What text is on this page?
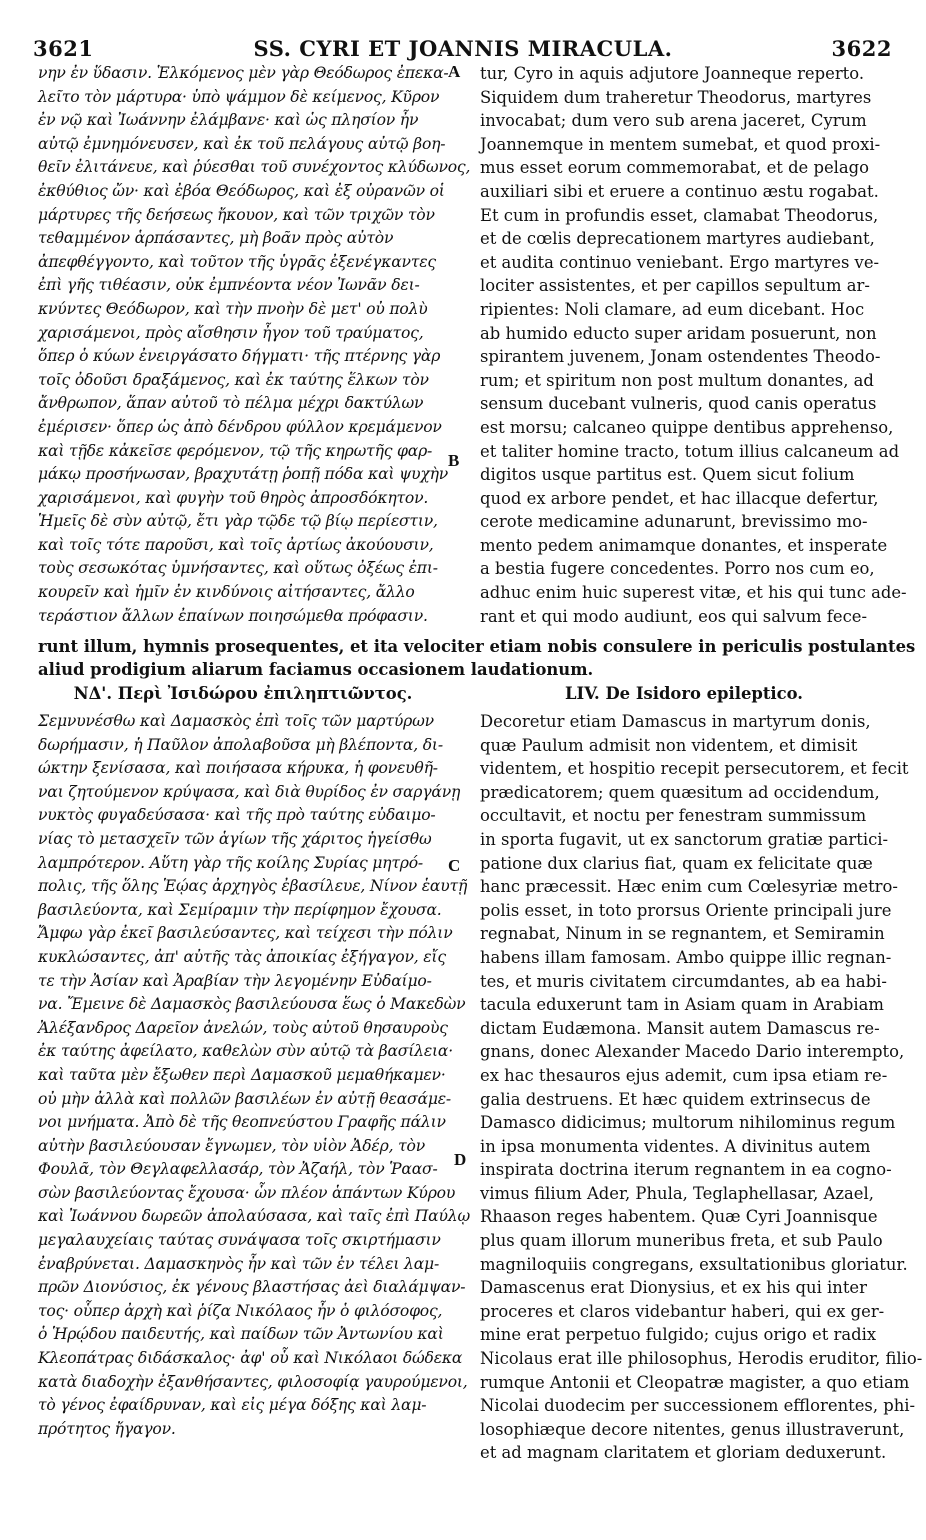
3621	SS. CYRI ET JOANNIS MIRACULA.	3622
A
B
C
D
νην ἐν ὕδασιν. Ἑλκόμενος μὲν γὰρ Θεόδωρος ἐπεκα-
λεῖτο τὸν μάρτυρα· ὑπὸ ψάμμον δὲ κείμενος, Κῦρον
ἐν νῷ καὶ Ἰωάννην ἐλάμβανε· καὶ ὡς πλησίον ἦν
αὐτῷ ἐμνημόνευσεν, καὶ ἐκ τοῦ πελάγους αὐτῷ βοη-
θεῖν ἐλιτάνευε, καὶ ῥύεσθαι τοῦ συνέχοντος κλύδωνος,
ἐκθύθιος ὤν· καὶ ἐβόα Θεόδωρος, καὶ ἐξ οὐρανῶν οἱ
μάρτυρες τῆς δεήσεως ἤκουον, καὶ τῶν τριχῶν τὸν
τεθαμμένον ἁρπάσαντες, μὴ βοᾶν πρὸς αὐτὸν
ἀπεφθέγγοντο, καὶ τοῦτον τῆς ὑγρᾶς ἐξενέγκαντες
ἐπὶ γῆς τιθέασιν, οὐκ ἐμπνέοντα νέον Ἰωνᾶν δει-
κνύντες Θεόδωρον, καὶ τὴν πνοὴν δὲ μετ' οὐ πολὺ
χαρισάμενοι, πρὸς αἴσθησιν ἦγον τοῦ τραύματος,
ὅπερ ὁ κύων ἐνειργάσατο δήγματι· τῆς πτέρνης γὰρ
τοῖς ὀδοῦσι δραξάμενος, καὶ ἐκ ταύτης ἕλκων τὸν
ἄνθρωπον, ἅπαν αὐτοῦ τὸ πέλμα μέχρι δακτύλων
ἐμέρισεν· ὅπερ ὡς ἀπὸ δένδρου φύλλον κρεμάμενον
καὶ τῇδε κἀκεῖσε φερόμενον, τῷ τῆς κηρωτῆς φαρ-
μάκῳ προσήνωσαν, βραχυτάτῃ ῥοπῇ πόδα καὶ ψυχὴν
χαρισάμενοι, καὶ φυγὴν τοῦ θηρὸς ἀπροσδόκητον.
Ἡμεῖς δὲ σὺν αὐτῷ, ἔτι γὰρ τῷδε τῷ βίῳ περίεστιν,
καὶ τοῖς τότε παροῦσι, καὶ τοῖς ἀρτίως ἀκούουσιν,
τοὺς σεσωκότας ὑμνήσαντες, καὶ οὕτως ὀξέως ἐπι-
κουρεῖν καὶ ἡμῖν ἐν κινδύνοις αἰτήσαντες, ἄλλο
τεράστιον ἄλλων ἐπαίνων ποιησώμεθα πρόφασιν.
tur, Cyro in aquis adjutore Joanneque reperto.
Siquidem dum traheretur Theodorus, martyres
invocabat; dum vero sub arena jaceret, Cyrum
Joannemque in mentem sumebat, et quod proxi-
mus esset eorum commemorabat, et de pelago
auxiliari sibi et eruere a continuo æstu rogabat.
Et cum in profundis esset, clamabat Theodorus,
et de cœlis deprecationem martyres audiebant,
et audita continuo veniebant. Ergo martyres ve-
lociter assistentes, et per capillos sepultum ar-
ripientes: Noli clamare, ad eum dicebant. Hoc
ab humido educto super aridam posuerunt, non
spirantem juvenem, Jonam ostendentes Theodo-
rum; et spiritum non post multum donantes, ad
sensum ducebant vulneris, quod canis operatus
est morsu; calcaneo quippe dentibus apprehenso,
et taliter homine tracto, totum illius calcaneum ad
digitos usque partitus est. Quem sicut folium
quod ex arbore pendet, et hac illacque defertur,
cerote medicamine adunarunt, brevissimo mo-
mento pedem animamque donantes, et insperate
a bestia fugere concedentes. Porro nos cum eo,
adhuc enim huic superest vitæ, et his qui tunc ade-
rant et qui modo audiunt, eos qui salvum fece-
runt illum, hymnis prosequentes, et ita velociter etiam nobis consulere in periculis postulantes
aliud prodigium aliarum faciamus occasionem laudationum.
ΝΔ'. Περὶ Ἰσιδώρου ἐπιληπτιῶντος.	LIV. De Isidoro epileptico.
Σεμνυνέσθω καὶ Δαμασκὸς ἐπὶ τοῖς τῶν μαρτύρων
δωρήμασιν, ἡ Παῦλον ἀπολαβοῦσα μὴ βλέποντα, δι-
ώκτην ξενίσασα, καὶ ποιήσασα κήρυκα, ἡ φονευθῆ-
ναι ζητούμενον κρύψασα, καὶ διὰ θυρίδος ἐν σαργάνῃ
νυκτὸς φυγαδεύσασα· καὶ τῆς πρὸ ταύτης εὐδαιμο-
νίας τὸ μετασχεῖν τῶν ἁγίων τῆς χάριτος ἡγείσθω
λαμπρότερον. Αὕτη γὰρ τῆς κοίλης Συρίας μητρό-
πολις, τῆς ὅλης Ἑῴας ἀρχηγὸς ἐβασίλευε, Νίνον ἑαυτῇ
βασιλεύοντα, καὶ Σεμίραμιν τὴν περίφημον ἔχουσα.
Ἄμφω γὰρ ἐκεῖ βασιλεύσαντες, καὶ τείχεσι τὴν πόλιν
κυκλώσαντες, ἀπ' αὐτῆς τὰς ἀποικίας ἐξήγαγον, εἴς
τε τὴν Ἀσίαν καὶ Ἀραβίαν τὴν λεγομένην Εὐδαίμο-
να. Ἔμεινε δὲ Δαμασκὸς βασιλεύουσα ἕως ὁ Μακεδὼν
Ἀλέξανδρος Δαρεῖον ἀνελών, τοὺς αὐτοῦ θησαυροὺς
ἐκ ταύτης ἀφείλατο, καθελὼν σὺν αὐτῷ τὰ βασίλεια·
καὶ ταῦτα μὲν ἔξωθεν περὶ Δαμασκοῦ μεμαθήκαμεν·
οὐ μὴν ἀλλὰ καὶ πολλῶν βασιλέων ἐν αὐτῇ θεασάμε-
νοι μνήματα. Ἀπὸ δὲ τῆς θεοπνεύστου Γραφῆς πάλιν
αὐτὴν βασιλεύουσαν ἔγνωμεν, τὸν υἱὸν Ἀδέρ, τὸν
Φουλᾶ, τὸν Θεγλαφελλασάρ, τὸν Ἀζαήλ, τὸν Ῥαασ-
σὼν βασιλεύοντας ἔχουσα· ὧν πλέον ἁπάντων Κύρου
καὶ Ἰωάννου δωρεῶν ἀπολαύσασα, καὶ ταῖς ἐπὶ Παύλῳ
μεγαλαυχείαις ταύτας συνάψασα τοῖς σκιρτήμασιν
ἐναβρύνεται. Δαμασκηνὸς ἦν καὶ τῶν ἐν τέλει λαμ-
πρῶν Διονύσιος, ἐκ γένους βλαστήσας ἀεὶ διαλάμψαν-
τος· οὗπερ ἀρχὴ καὶ ῥίζα Νικόλαος ἦν ὁ φιλόσοφος,
ὁ Ἡρῴδου παιδευτής, καὶ παίδων τῶν Ἀντωνίου καὶ
Κλεοπάτρας διδάσκαλος· ἀφ' οὗ καὶ Νικόλαοι δώδεκα
κατὰ διαδοχὴν ἐξανθήσαντες, φιλοσοφίᾳ γαυρούμενοι,
τὸ γένος ἐφαίδρυναν, καὶ εἰς μέγα δόξης καὶ λαμ-
πρότητος ἤγαγον.
Decoretur etiam Damascus in martyrum donis,
quæ Paulum admisit non videntem, et dimisit
videntem, et hospitio recepit persecutorem, et fecit
prædicatorem; quem quæsitum ad occidendum,
occultavit, et noctu per fenestram summissum
in sporta fugavit, ut ex sanctorum gratiæ partici-
patione dux clarius fiat, quam ex felicitate quæ
hanc præcessit. Hæc enim cum Cœlesyriæ metro-
polis esset, in toto prorsus Oriente principali jure
regnabat, Ninum in se regnantem, et Semiramin
habens illam famosam. Ambo quippe illic regnan-
tes, et muris civitatem circumdantes, ab ea habi-
tacula eduxerunt tam in Asiam quam in Arabiam
dictam Eudæmona. Mansit autem Damascus re-
gnans, donec Alexander Macedo Dario interempto,
ex hac thesauros ejus ademit, cum ipsa etiam re-
galia destruens. Et hæc quidem extrinsecus de
Damasco didicimus; multorum nihilominus regum
in ipsa monumenta videntes. A divinitus autem
inspirata doctrina iterum regnantem in ea cogno-
vimus filium Ader, Phula, Teglaphellasar, Azael,
Rhaason reges habentem. Quæ Cyri Joannisque
plus quam illorum muneribus freta, et sub Paulo
magniloquiis congregans, exsultationibus gloriatur.
Damascenus erat Dionysius, et ex his qui inter
proceres et claros videbantur haberi, qui ex ger-
mine erat perpetuo fulgido; cujus origo et radix
Nicolaus erat ille philosophus, Herodis eruditor, filio-
rumque Antonii et Cleopatræ magister, a quo etiam
Nicolai duodecim per successionem efflorentes, phi-
losophiæque decore nitentes, genus illustraverunt,
et ad magnam claritatem et gloriam deduxerunt.
